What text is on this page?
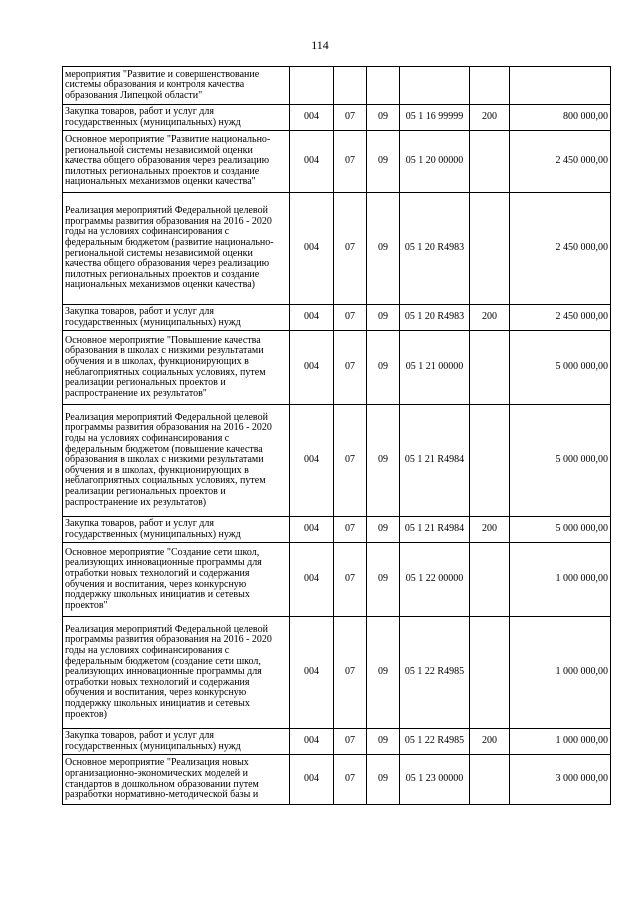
114
мероприятия "Развитие и совершенствование системы образования и контроля качества образования Липецкой области"						
Закупка товаров, работ и услуг для государственных (муниципальных) нужд	004	07	09	05 1 16 99999	200	800 000,00
Основное мероприятие "Развитие национально-региональной системы независимой оценки качества общего образования через реализацию пилотных региональных проектов и создание национальных механизмов оценки качества"	004	07	09	05 1 20 00000		2 450 000,00
Реализация мероприятий Федеральной целевой программы развития образования на 2016 - 2020 годы на условиях софинансирования с федеральным бюджетом (развитие национально-региональной системы независимой оценки качества общего образования через реализацию пилотных региональных проектов и создание национальных механизмов оценки качества)	004	07	09	05 1 20 R4983		2 450 000,00
Закупка товаров, работ и услуг для государственных (муниципальных) нужд	004	07	09	05 1 20 R4983	200	2 450 000,00
Основное мероприятие "Повышение качества образования в школах с низкими результатами обучения и в школах, функционирующих в неблагоприятных социальных условиях, путем реализации региональных проектов и распространение их результатов"	004	07	09	05 1 21 00000		5 000 000,00
Реализация мероприятий Федеральной целевой программы развития образования на 2016 - 2020 годы на условиях софинансирования с федеральным бюджетом (повышение качества образования в школах с низкими результатами обучения и в школах, функционирующих в неблагоприятных социальных условиях, путем реализации региональных проектов и распространение их результатов)	004	07	09	05 1 21 R4984		5 000 000,00
Закупка товаров, работ и услуг для государственных (муниципальных) нужд	004	07	09	05 1 21 R4984	200	5 000 000,00
Основное мероприятие "Создание сети школ, реализующих инновационные программы для отработки новых технологий и содержания обучения и воспитания, через конкурсную поддержку школьных инициатив и сетевых проектов"	004	07	09	05 1 22 00000		1 000 000,00
Реализация мероприятий Федеральной целевой программы развития образования на 2016 - 2020 годы на условиях софинансирования с федеральным бюджетом (создание сети школ, реализующих инновационные программы для отработки новых технологий и содержания обучения и воспитания, через конкурсную поддержку школьных инициатив и сетевых проектов)	004	07	09	05 1 22 R4985		1 000 000,00
Закупка товаров, работ и услуг для государственных (муниципальных) нужд	004	07	09	05 1 22 R4985	200	1 000 000,00
Основное мероприятие "Реализация новых организационно-экономических моделей и стандартов в дошкольном образовании путем разработки нормативно-методической базы и	004	07	09	05 1 23 00000		3 000 000,00
